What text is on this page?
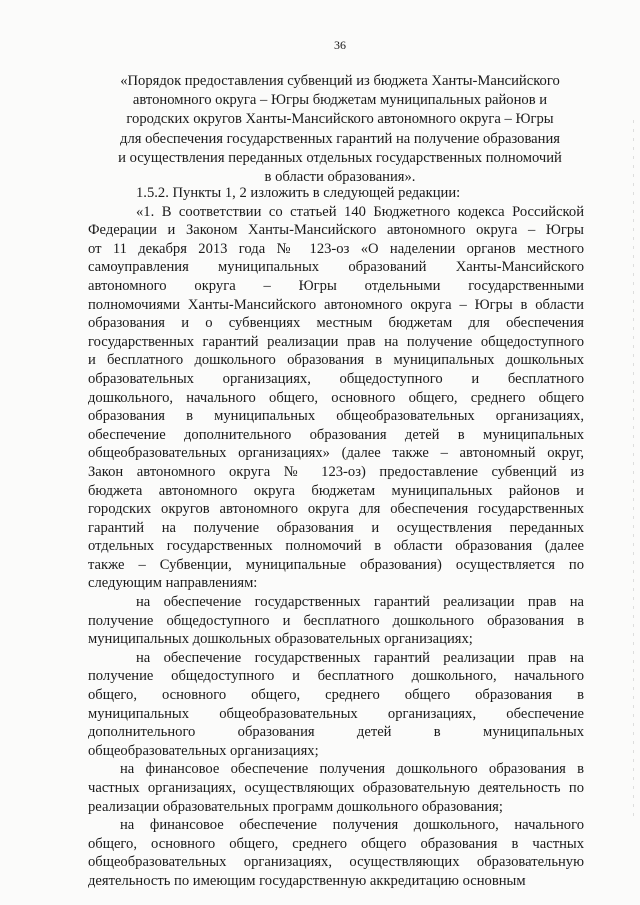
36
«Порядок предоставления субвенций из бюджета Ханты-Мансийского
автономного округа – Югры бюджетам муниципальных районов и
городских округов Ханты-Мансийского автономного округа – Югры
для обеспечения государственных гарантий на получение образования
и осуществления переданных отдельных государственных полномочий
в области образования».
1.5.2. Пункты 1, 2 изложить в следующей редакции:
«1. В соответствии со статьей 140 Бюджетного кодекса Российской
Федерации и Законом Ханты-Мансийского автономного округа – Югры
от 11 декабря 2013 года № 123-оз «О наделении органов местного
самоуправления муниципальных образований Ханты-Мансийского
автономного округа – Югры отдельными государственными
полномочиями Ханты-Мансийского автономного округа – Югры в области
образования и о субвенциях местным бюджетам для обеспечения
государственных гарантий реализации прав на получение общедоступного
и бесплатного дошкольного образования в муниципальных дошкольных
образовательных организациях, общедоступного и бесплатного
дошкольного, начального общего, основного общего, среднего общего
образования в муниципальных общеобразовательных организациях,
обеспечение дополнительного образования детей в муниципальных
общеобразовательных организациях» (далее также – автономный округ,
Закон автономного округа № 123-оз) предоставление субвенций из
бюджета автономного округа бюджетам муниципальных районов и
городских округов автономного округа для обеспечения государственных
гарантий на получение образования и осуществления переданных
отдельных государственных полномочий в области образования (далее
также – Субвенции, муниципальные образования) осуществляется по
следующим направлениям:
на обеспечение государственных гарантий реализации прав на
получение общедоступного и бесплатного дошкольного образования в
муниципальных дошкольных образовательных организациях;
на обеспечение государственных гарантий реализации прав на
получение общедоступного и бесплатного дошкольного, начального
общего, основного общего, среднего общего образования в
муниципальных общеобразовательных организациях, обеспечение
дополнительного образования детей в муниципальных
общеобразовательных организациях;
на финансовое обеспечение получения дошкольного образования в
частных организациях, осуществляющих образовательную деятельность по
реализации образовательных программ дошкольного образования;
на финансовое обеспечение получения дошкольного, начального
общего, основного общего, среднего общего образования в частных
общеобразовательных организациях, осуществляющих образовательную
деятельность по имеющим государственную аккредитацию основным
